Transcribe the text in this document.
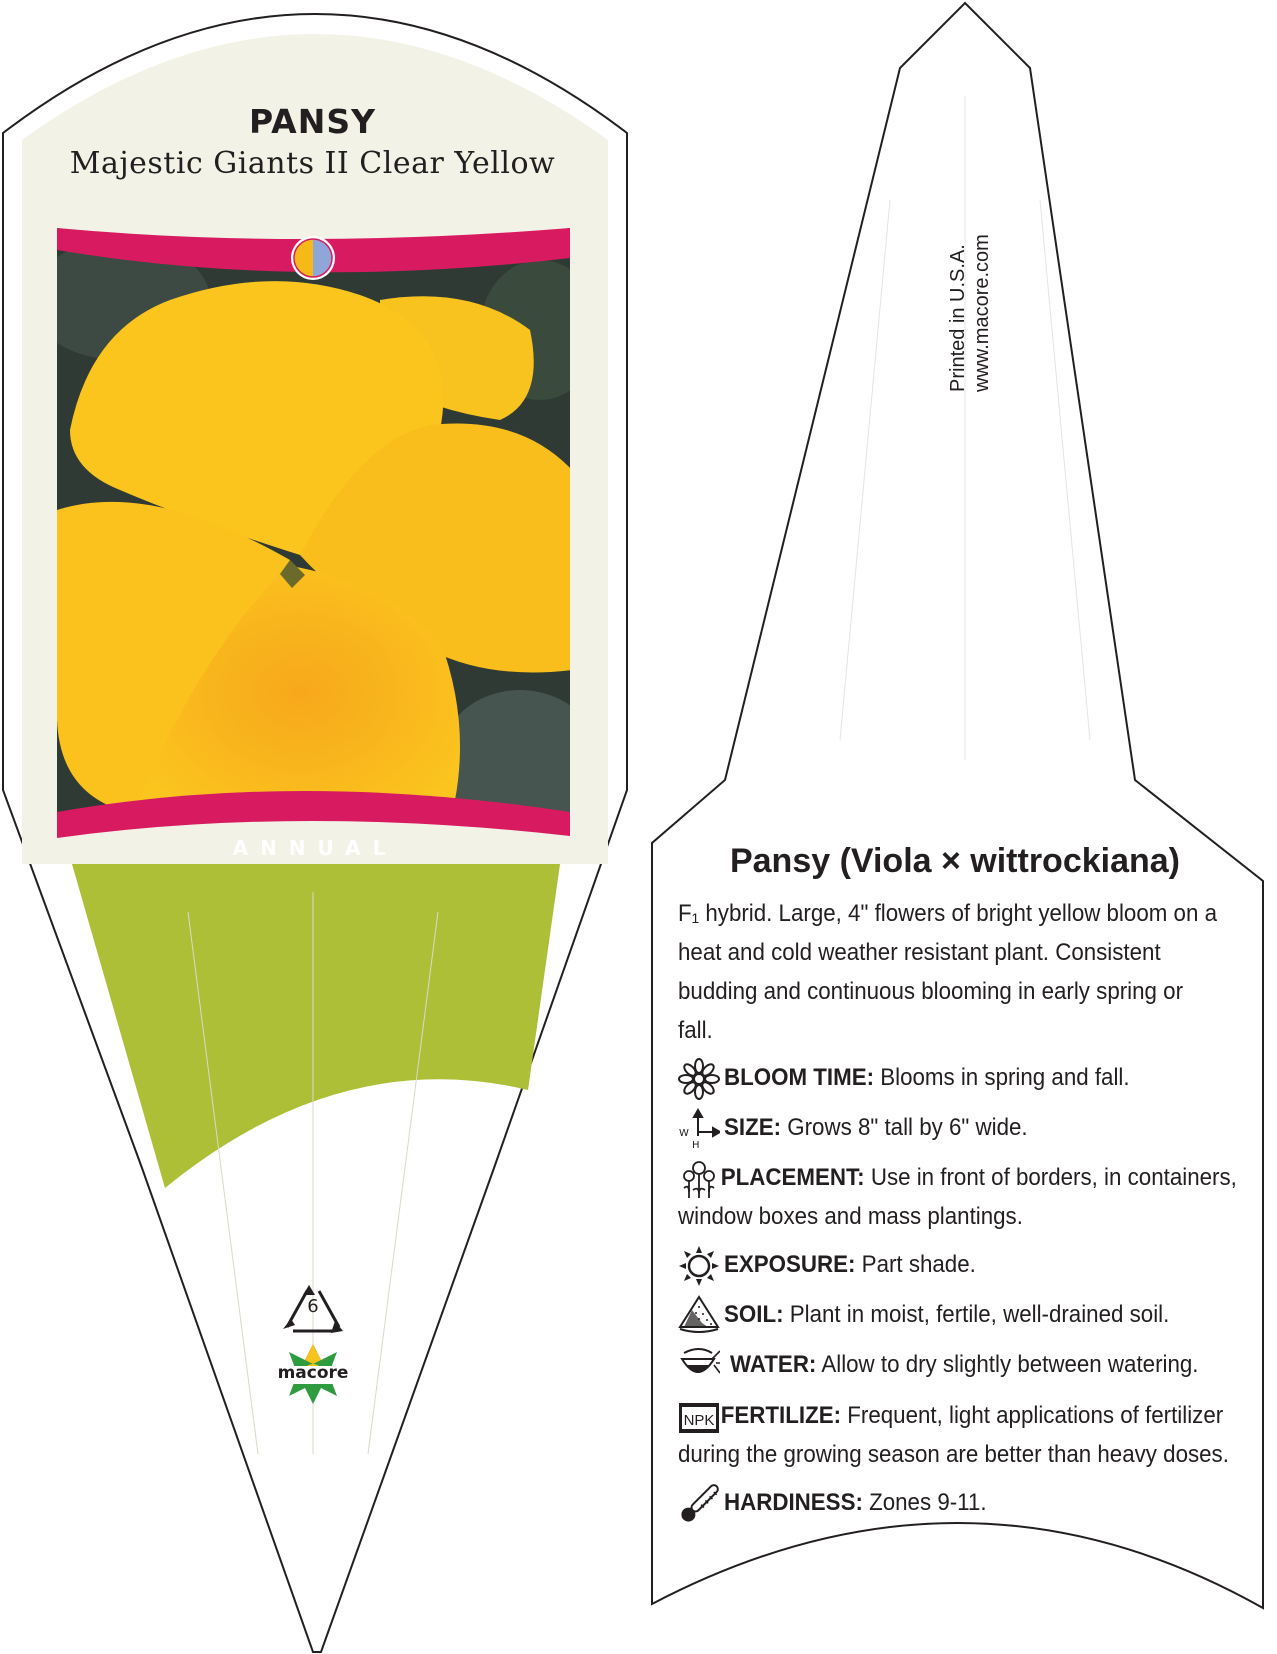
PANSY
Majestic Giants II Clear Yellow
ANNUAL
6
macore
Printed in U.S.A. www.macore.com
Pansy (Viola × wittrockiana)
F₁ hybrid. Large, 4" flowers of bright yellow bloom on a heat and cold weather resistant plant. Consistent budding and continuous blooming in early spring or fall.
W
H
NPK
BLOOM TIME: Blooms in spring and fall.
SIZE: Grows 8" tall by 6" wide.
PLACEMENT: Use in front of borders, in containers, window boxes and mass plantings.
EXPOSURE: Part shade.
SOIL: Plant in moist, fertile, well-drained soil.
WATER: Allow to dry slightly between watering.
FERTILIZE: Frequent, light applications of fertilizer during the growing season are better than heavy doses.
HARDINESS: Zones 9-11.
